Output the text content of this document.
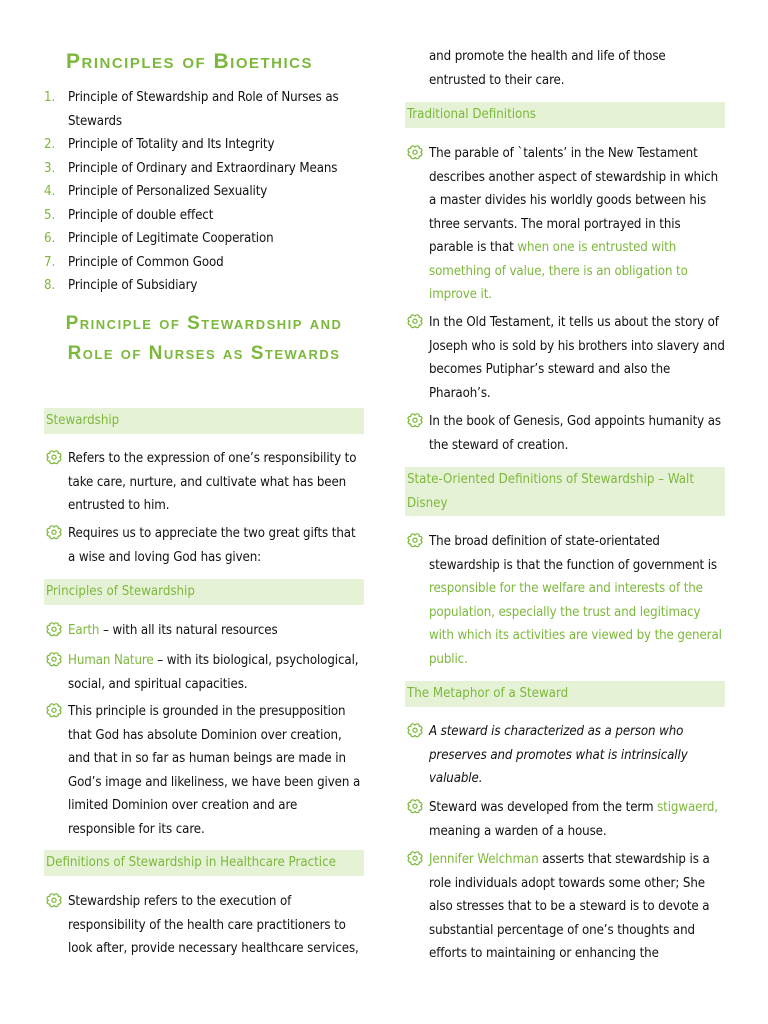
Principles of Bioethics
1. Principle of Stewardship and Role of Nurses as Stewards
2. Principle of Totality and Its Integrity
3. Principle of Ordinary and Extraordinary Means
4. Principle of Personalized Sexuality
5. Principle of double effect
6. Principle of Legitimate Cooperation
7. Principle of Common Good
8. Principle of Subsidiary
Principle of Stewardship and Role of Nurses as Stewards
Stewardship
Refers to the expression of one’s responsibility to take care, nurture, and cultivate what has been entrusted to him.
Requires us to appreciate the two great gifts that a wise and loving God has given:
Principles of Stewardship
Earth – with all its natural resources
Human Nature – with its biological, psychological, social, and spiritual capacities.
This principle is grounded in the presupposition that God has absolute Dominion over creation, and that in so far as human beings are made in God’s image and likeliness, we have been given a limited Dominion over creation and are responsible for its care.
Definitions of Stewardship in Healthcare Practice
Stewardship refers to the execution of responsibility of the health care practitioners to look after, provide necessary healthcare services,
and promote the health and life of those entrusted to their care.
Traditional Definitions
The parable of `talents’ in the New Testament describes another aspect of stewardship in which a master divides his worldly goods between his three servants. The moral portrayed in this parable is that when one is entrusted with something of value, there is an obligation to improve it.
In the Old Testament, it tells us about the story of Joseph who is sold by his brothers into slavery and becomes Putiphar’s steward and also the Pharaoh’s.
In the book of Genesis, God appoints humanity as the steward of creation.
State-Oriented Definitions of Stewardship – Walt Disney
The broad definition of state-orientated stewardship is that the function of government is responsible for the welfare and interests of the population, especially the trust and legitimacy with which its activities are viewed by the general public.
The Metaphor of a Steward
A steward is characterized as a person who preserves and promotes what is intrinsically valuable.
Steward was developed from the term stigwaerd, meaning a warden of a house.
Jennifer Welchman asserts that stewardship is a role individuals adopt towards some other; She also stresses that to be a steward is to devote a substantial percentage of one’s thoughts and efforts to maintaining or enhancing the
